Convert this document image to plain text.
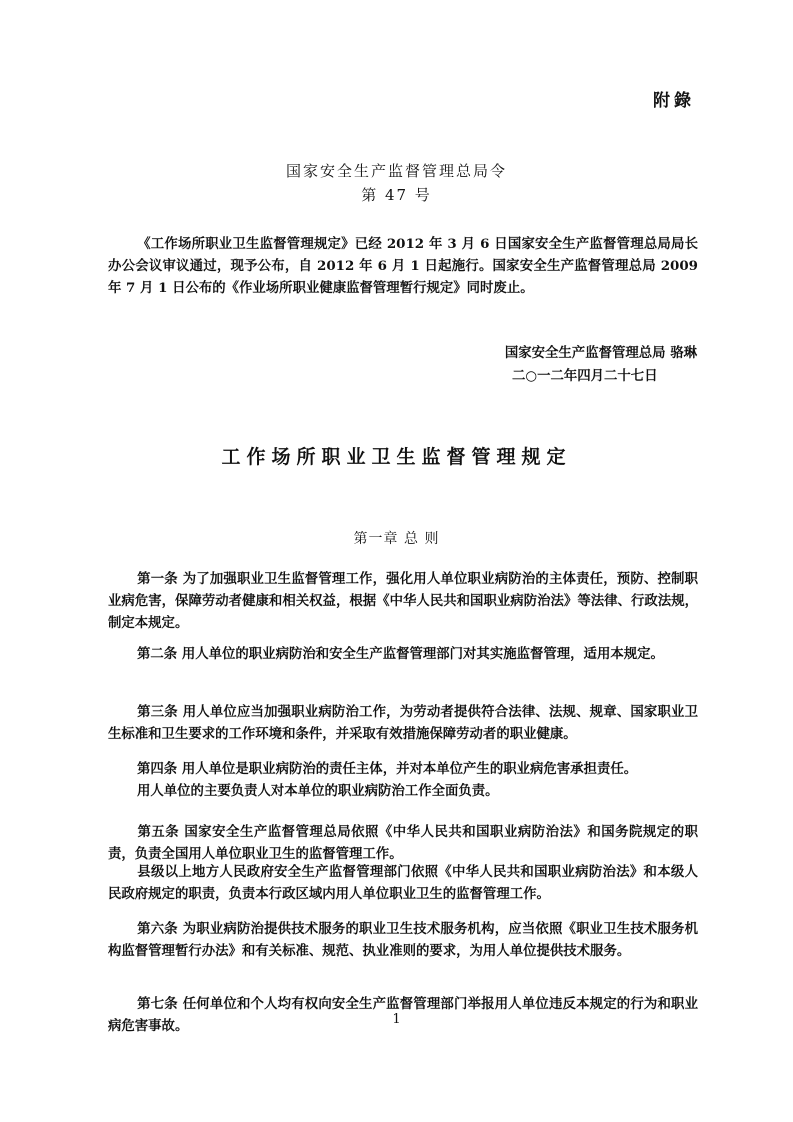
附錄
国家安全生产监督管理总局令
第 47 号

《工作场所职业卫生监督管理规定》已经 2012 年 3 月 6 日国家安全生产监督管理总局局长办公会议审议通过，现予公布，自 2012 年 6 月 1 日起施行。国家安全生产监督管理总局 2009 年 7 月 1 日公布的《作业场所职业健康监督管理暂行规定》同时废止。

国家安全生产监督管理总局 骆琳
二○一二年四月二十七日
工作场所职业卫生监督管理规定
第一章 总 则

第一条 为了加强职业卫生监督管理工作，强化用人单位职业病防治的主体责任，预防、控制职业病危害，保障劳动者健康和相关权益，根据《中华人民共和国职业病防治法》等法律、行政法规，制定本规定。

第二条 用人单位的职业病防治和安全生产监督管理部门对其实施监督管理，适用本规定。

第三条 用人单位应当加强职业病防治工作，为劳动者提供符合法律、法规、规章、国家职业卫生标准和卫生要求的工作环境和条件，并采取有效措施保障劳动者的职业健康。

第四条 用人单位是职业病防治的责任主体，并对本单位产生的职业病危害承担责任。

用人单位的主要负责人对本单位的职业病防治工作全面负责。

第五条 国家安全生产监督管理总局依照《中华人民共和国职业病防治法》和国务院规定的职责，负责全国用人单位职业卫生的监督管理工作。

县级以上地方人民政府安全生产监督管理部门依照《中华人民共和国职业病防治法》和本级人民政府规定的职责，负责本行政区域内用人单位职业卫生的监督管理工作。

第六条 为职业病防治提供技术服务的职业卫生技术服务机构，应当依照《职业卫生技术服务机构监督管理暂行办法》和有关标准、规范、执业准则的要求，为用人单位提供技术服务。

第七条 任何单位和个人均有权向安全生产监督管理部门举报用人单位违反本规定的行为和职业病危害事故。	1
